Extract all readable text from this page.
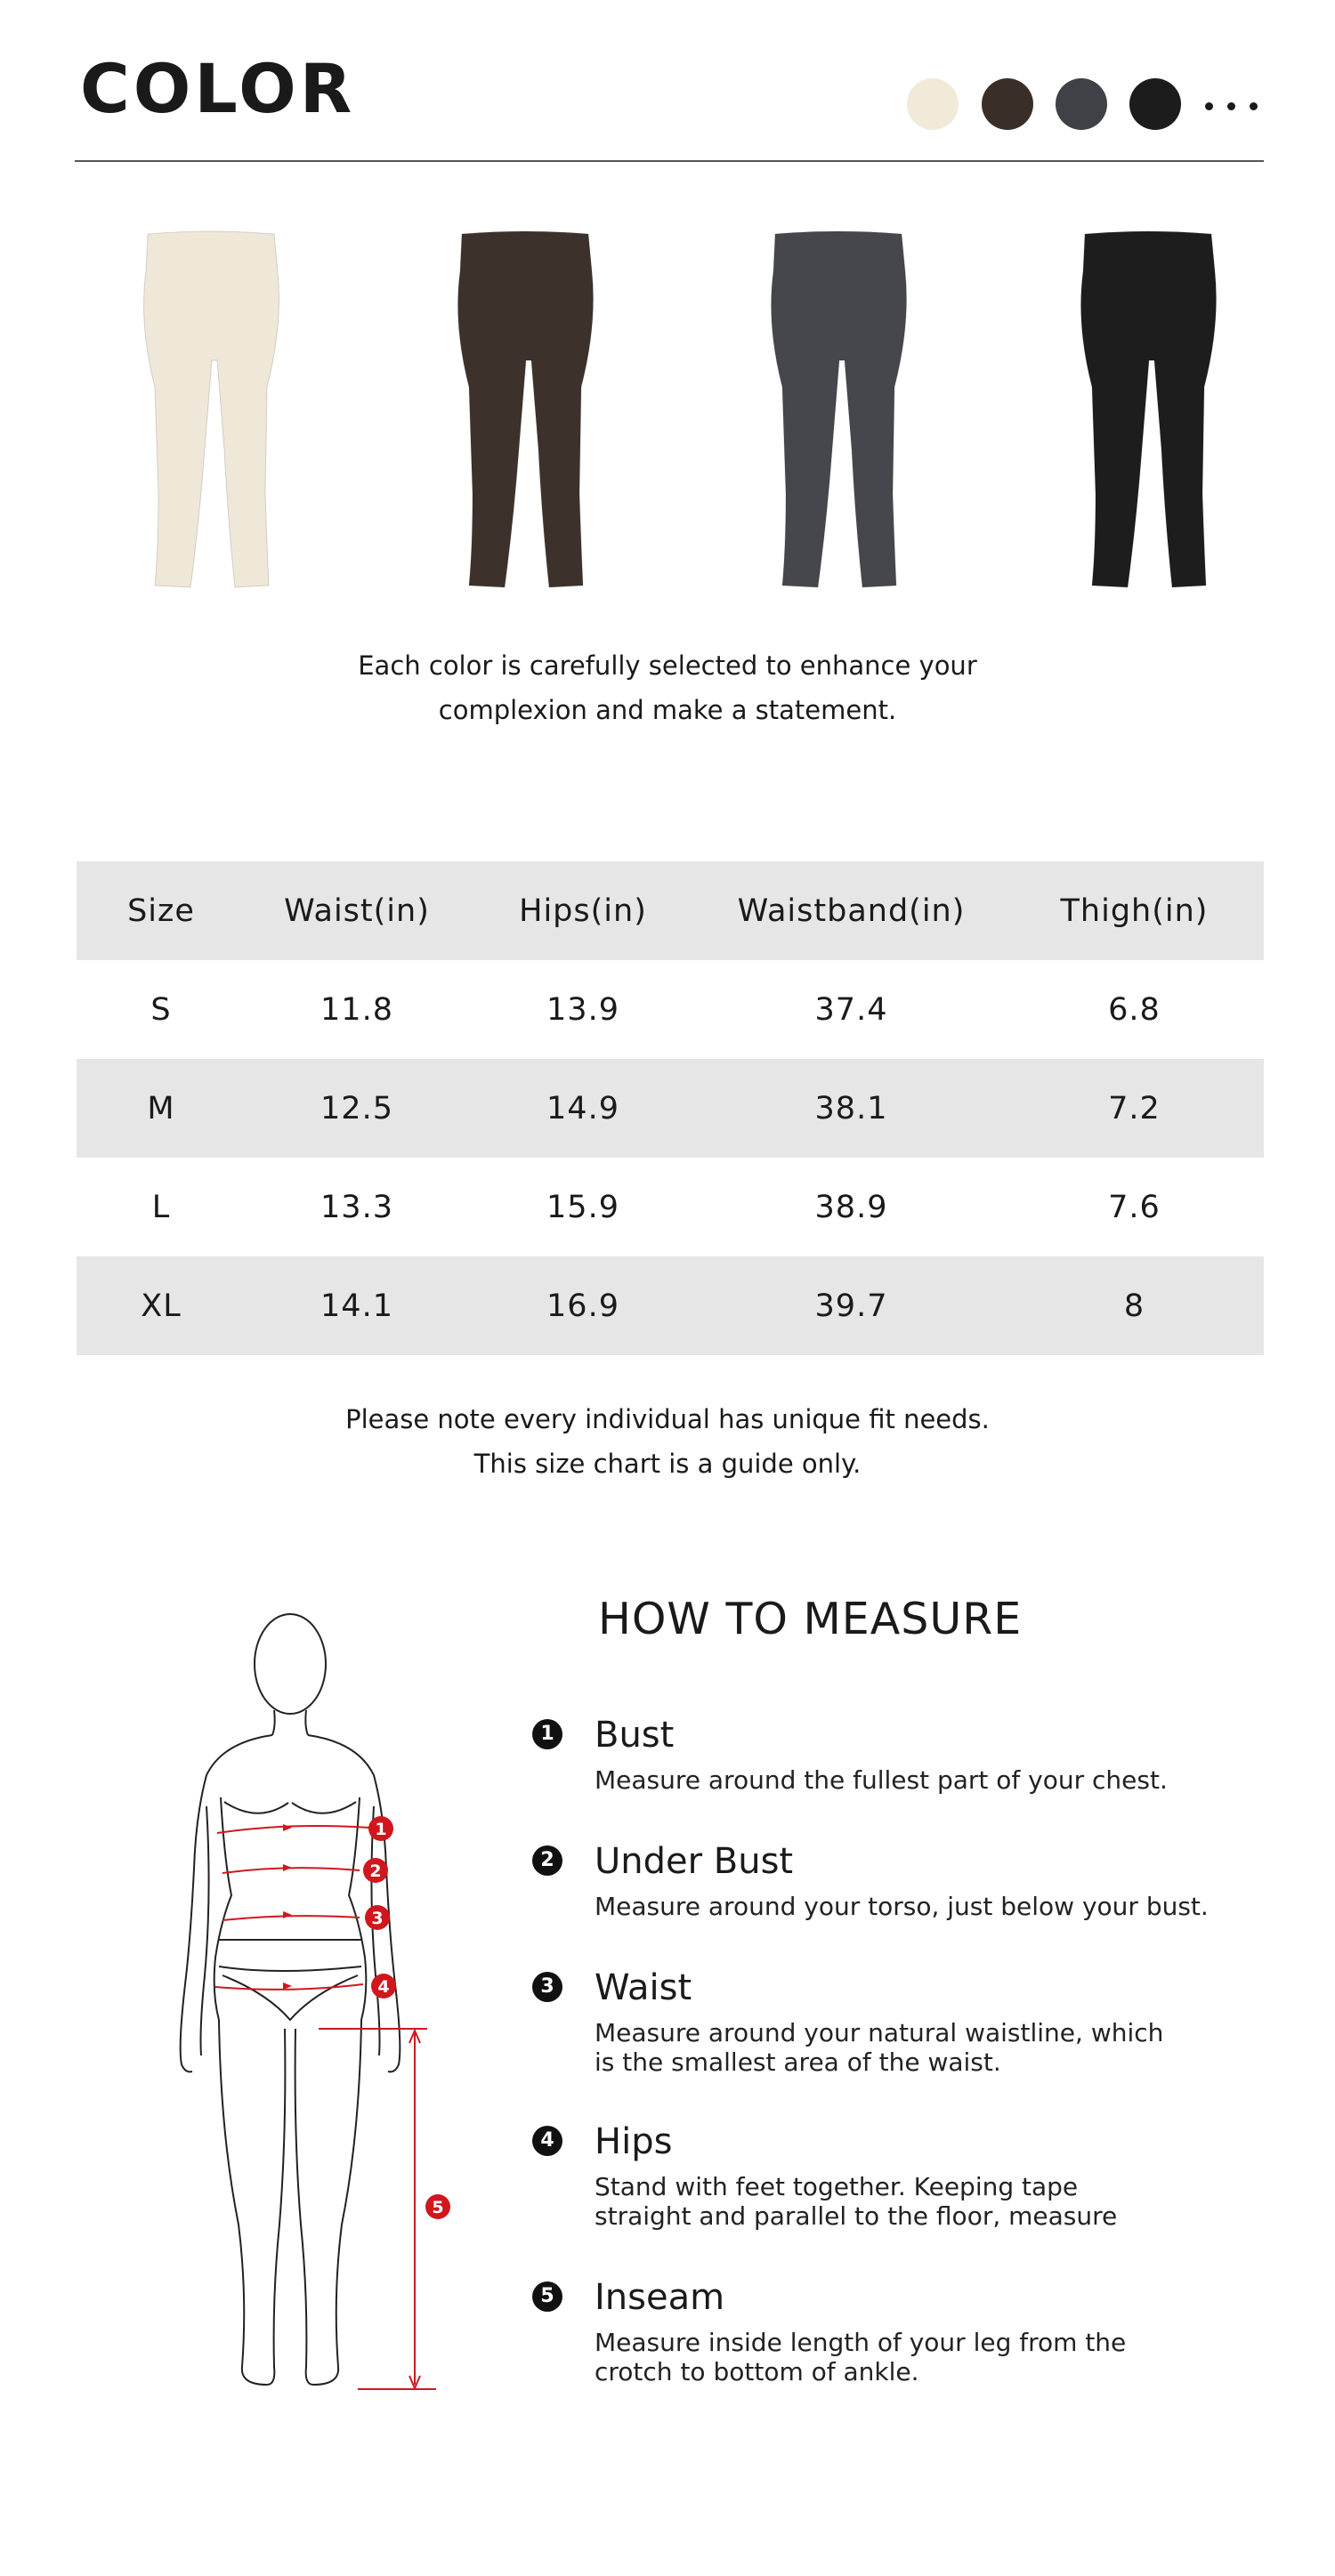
COLOR
Each color is carefully selected to enhance your
complexion and make a statement.
Size	Waist(in)	Hips(in)	Waistband(in)	Thigh(in)
S	11.8	13.9	37.4	6.8
M	12.5	14.9	38.1	7.2
L	13.3	15.9	38.9	7.6
XL	14.1	16.9	39.7	8
Please note every individual has unique fit needs.
This size chart is a guide only.
1
2
3
4
5
HOW TO MEASURE
1 Bust
Measure around the fullest part of your chest.
2 Under Bust
Measure around your torso, just below your bust.
3 Waist
Measure around your natural waistline, which is the smallest area of the waist.
4 Hips
Stand with feet together. Keeping tape straight and parallel to the floor, measure
5 Inseam
Measure inside length of your leg from the crotch to bottom of ankle.
